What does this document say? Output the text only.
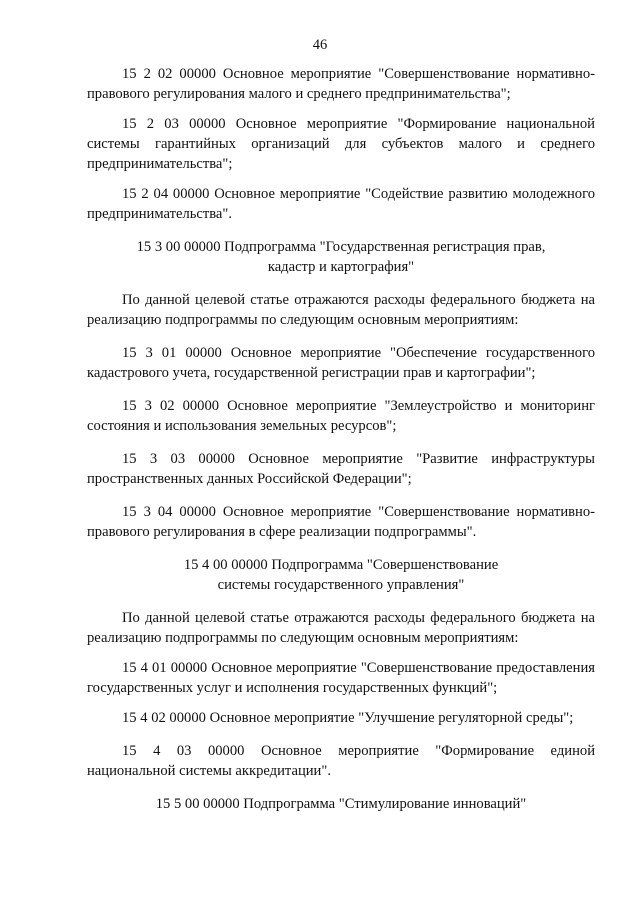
46

15 2 02 00000 Основное мероприятие "Совершенствование нормативно-правового регулирования малого и среднего предпринимательства";

15 2 03 00000 Основное мероприятие "Формирование национальной системы гарантийных организаций для субъектов малого и среднего предпринимательства";

15 2 04 00000 Основное мероприятие "Содействие развитию молодежного предпринимательства".

15 3 00 00000 Подпрограмма "Государственная регистрация прав,
кадастр и картография"

По данной целевой статье отражаются расходы федерального бюджета на реализацию подпрограммы по следующим основным мероприятиям:

15 3 01 00000 Основное мероприятие "Обеспечение государственного кадастрового учета, государственной регистрации прав и картографии";

15 3 02 00000 Основное мероприятие "Землеустройство и мониторинг состояния и использования земельных ресурсов";

15 3 03 00000 Основное мероприятие "Развитие инфраструктуры пространственных данных Российской Федерации";

15 3 04 00000 Основное мероприятие "Совершенствование нормативно-правового регулирования в сфере реализации подпрограммы".

15 4 00 00000 Подпрограмма "Совершенствование
системы государственного управления"

По данной целевой статье отражаются расходы федерального бюджета на реализацию подпрограммы по следующим основным мероприятиям:

15 4 01 00000 Основное мероприятие "Совершенствование предоставления государственных услуг и исполнения государственных функций";

15 4 02 00000 Основное мероприятие "Улучшение регуляторной среды";

15 4 03 00000 Основное мероприятие "Формирование единой национальной системы аккредитации".

15 5 00 00000 Подпрограмма "Стимулирование инноваций"
